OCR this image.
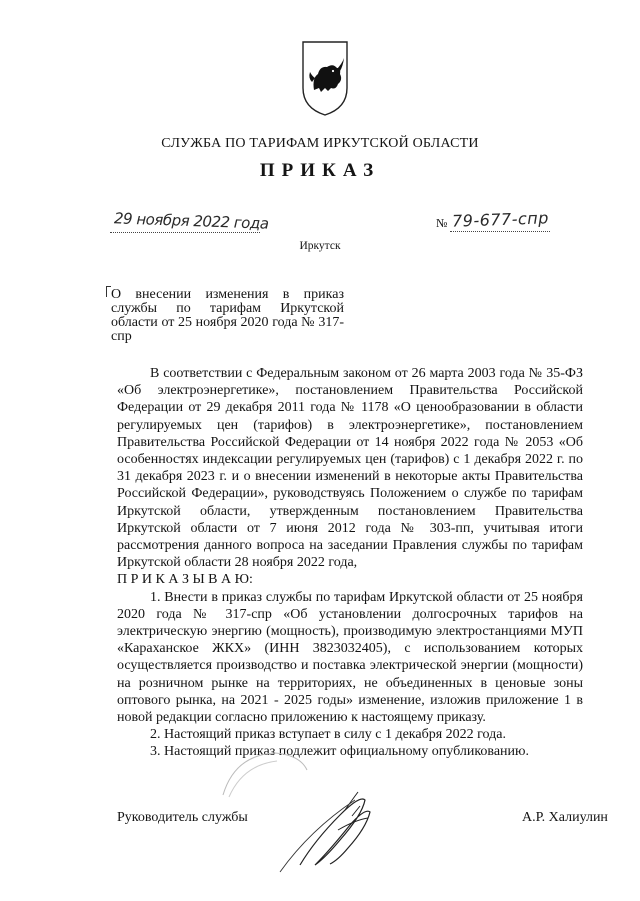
СЛУЖБА ПО ТАРИФАМ ИРКУТСКОЙ ОБЛАСТИ
ПРИКАЗ
29 ноября 2022 года	№ 79-677-спр
Иркутск
О внесении изменения в приказ службы по тарифам Иркутской области от 25 ноября 2020 года № 317-спр
В соответствии с Федеральным законом от 26 марта 2003 года № 35-ФЗ «Об электроэнергетике», постановлением Правительства Российской Федерации от 29 декабря 2011 года № 1178 «О ценообразовании в области регулируемых цен (тарифов) в электроэнергетике», постановлением Правительства Российской Федерации от 14 ноября 2022 года № 2053 «Об особенностях индексации регулируемых цен (тарифов) с 1 декабря 2022 г. по 31 декабря 2023 г. и о внесении изменений в некоторые акты Правительства Российской Федерации», руководствуясь Положением о службе по тарифам Иркутской области, утвержденным постановлением Правительства Иркутской области от 7 июня 2012 года № 303-пп, учитывая итоги рассмотрения данного вопроса на заседании Правления службы по тарифам Иркутской области 28 ноября 2022 года,
П Р И К А З Ы В А Ю:
1. Внести в приказ службы по тарифам Иркутской области от 25 ноября 2020 года № 317-спр «Об установлении долгосрочных тарифов на электрическую энергию (мощность), производимую электростанциями МУП «Караханское ЖКХ» (ИНН 3823032405), с использованием которых осуществляется производство и поставка электрической энергии (мощности) на розничном рынке на территориях, не объединенных в ценовые зоны оптового рынка, на 2021 - 2025 годы» изменение, изложив приложение 1 в новой редакции согласно приложению к настоящему приказу.
2. Настоящий приказ вступает в силу с 1 декабря 2022 года.
3. Настоящий приказ подлежит официальному опубликованию.
Руководитель службы	А.Р. Халиулин
